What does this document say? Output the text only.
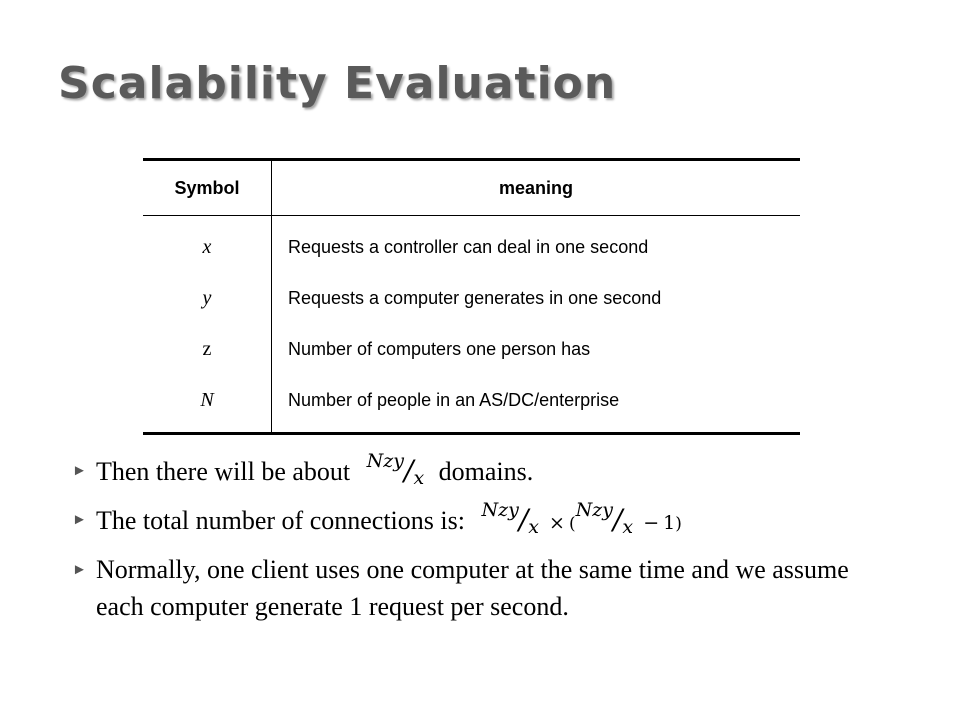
Scalability Evaluation
Symbol	meaning
x	Requests a controller can deal in one second
y	Requests a computer generates in one second
z	Number of computers one person has
N	Number of people in an AS/DC/enterprise
► Then there will be about Nzy/x domains.
► The total number of connections is: Nzy/x × (Nzy/x − 1)
► Normally, one client uses one computer at the same time and we assume each computer generate 1 request per second.
